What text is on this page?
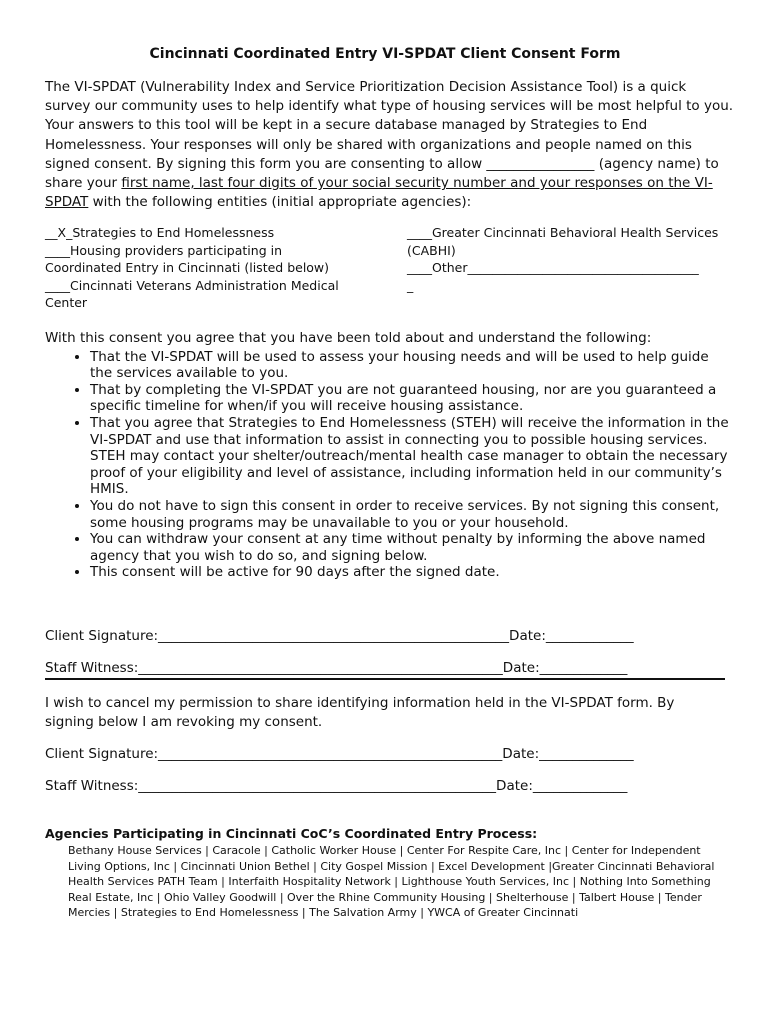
Cincinnati Coordinated Entry VI-SPDAT Client Consent Form
The VI-SPDAT (Vulnerability Index and Service Prioritization Decision Assistance Tool) is a quick survey our community uses to help identify what type of housing services will be most helpful to you. Your answers to this tool will be kept in a secure database managed by Strategies to End Homelessness. Your responses will only be shared with organizations and people named on this signed consent. By signing this form you are consenting to allow ________________ (agency name) to share your first name, last four digits of your social security number and your responses on the VI-SPDAT with the following entities (initial appropriate agencies):
__X_Strategies to End Homelessness
____Housing providers participating in Coordinated Entry in Cincinnati (listed below)
____Cincinnati Veterans Administration Medical Center
____Greater Cincinnati Behavioral Health Services (CABHI)
____Other_____________________________________
_
With this consent you agree that you have been told about and understand the following:
• That the VI-SPDAT will be used to assess your housing needs and will be used to help guide the services available to you.
• That by completing the VI-SPDAT you are not guaranteed housing, nor are you guaranteed a specific timeline for when/if you will receive housing assistance.
• That you agree that Strategies to End Homelessness (STEH) will receive the information in the VI-SPDAT and use that information to assist in connecting you to possible housing services. STEH may contact your shelter/outreach/mental health case manager to obtain the necessary proof of your eligibility and level of assistance, including information held in our community’s HMIS.
• You do not have to sign this consent in order to receive services. By not signing this consent, some housing programs may be unavailable to you or your household.
• You can withdraw your consent at any time without penalty by informing the above named agency that you wish to do so, and signing below.
• This consent will be active for 90 days after the signed date.
Client Signature:____________________________________________________Date:_____________
Staff Witness:______________________________________________________Date:_____________
I wish to cancel my permission to share identifying information held in the VI-SPDAT form. By signing below I am revoking my consent.
Client Signature:___________________________________________________Date:______________
Staff Witness:_____________________________________________________Date:______________
Agencies Participating in Cincinnati CoC’s Coordinated Entry Process:
Bethany House Services | Caracole | Catholic Worker House | Center For Respite Care, Inc | Center for Independent Living Options, Inc | Cincinnati Union Bethel | City Gospel Mission | Excel Development |Greater Cincinnati Behavioral Health Services PATH Team | Interfaith Hospitality Network | Lighthouse Youth Services, Inc | Nothing Into Something Real Estate, Inc | Ohio Valley Goodwill | Over the Rhine Community Housing | Shelterhouse | Talbert House | Tender Mercies | Strategies to End Homelessness | The Salvation Army | YWCA of Greater Cincinnati
